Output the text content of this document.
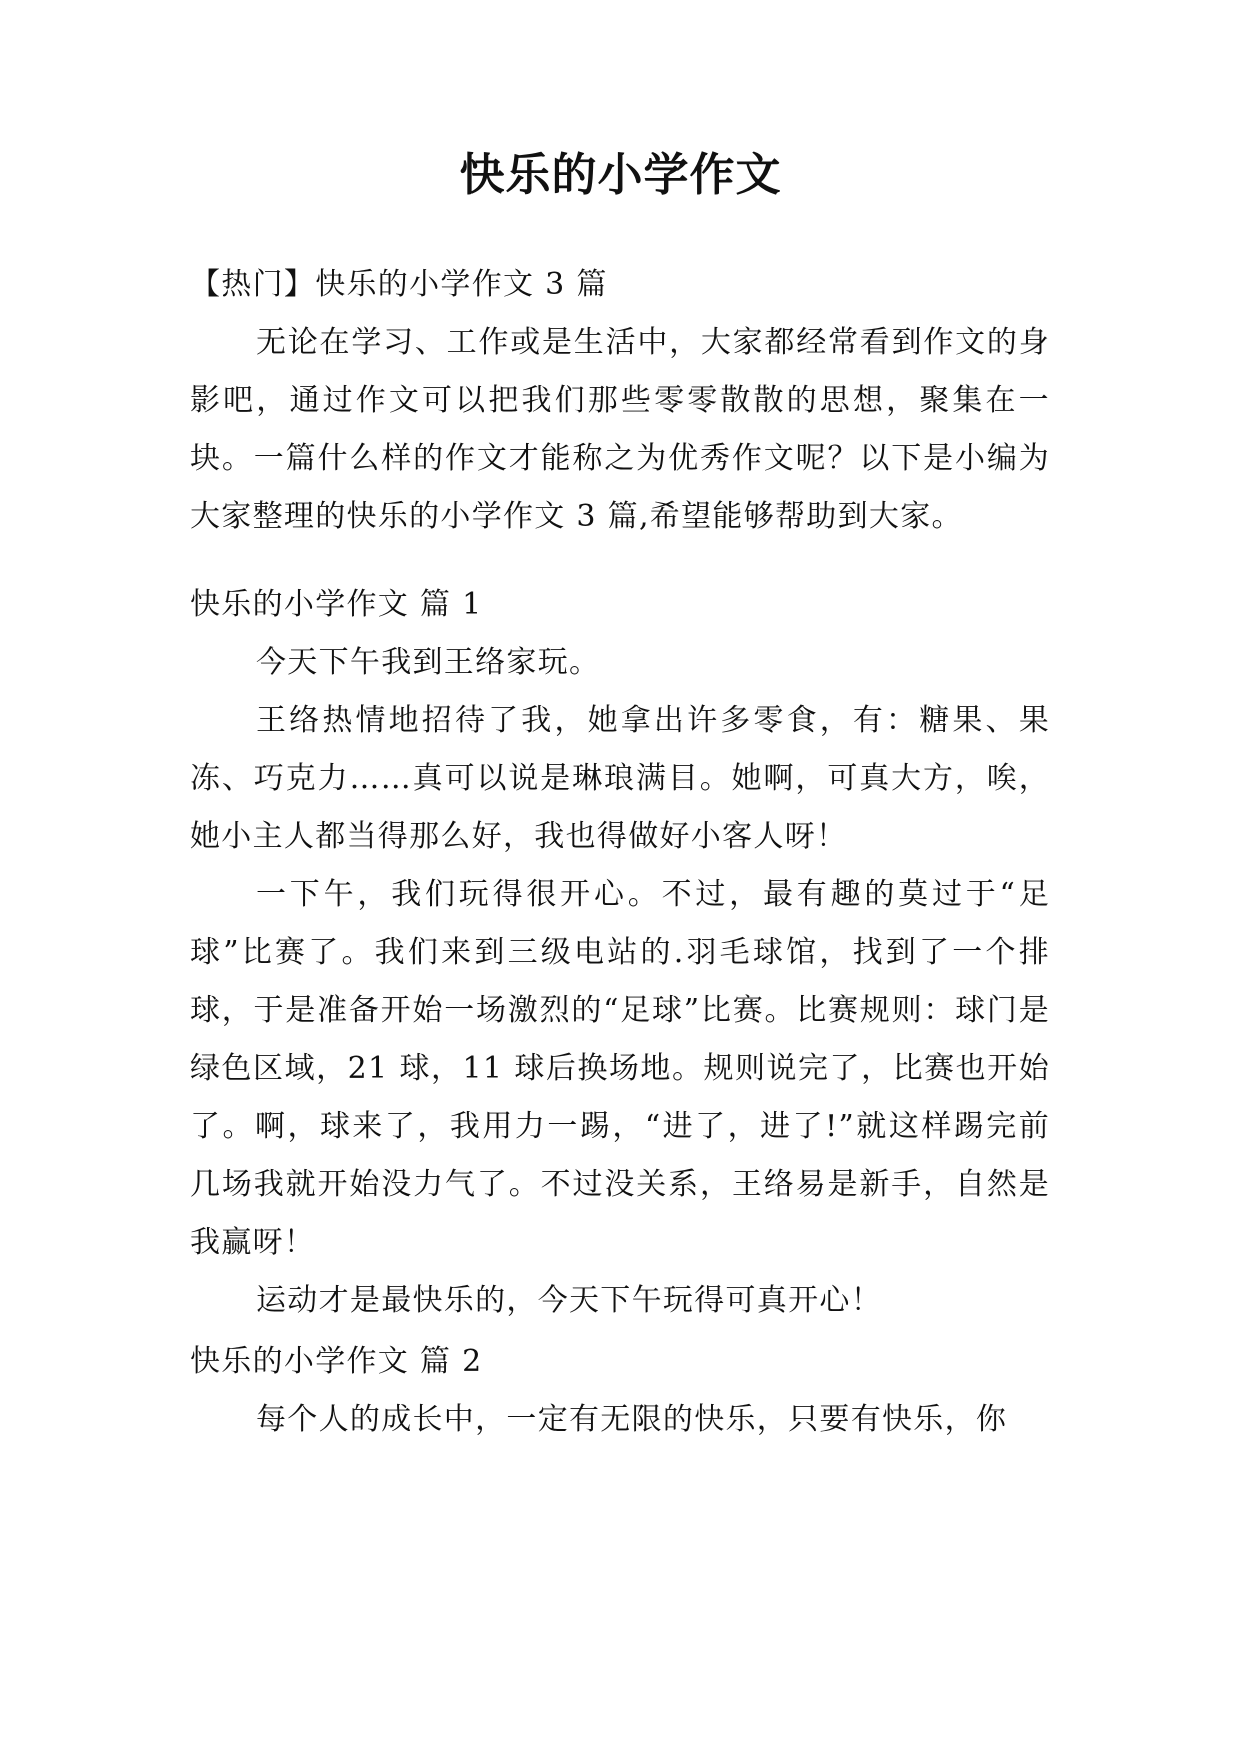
快乐的小学作文

【热门】快乐的小学作文 3 篇

无论在学习、工作或是生活中，大家都经常看到作文的身影吧，通过作文可以把我们那些零零散散的思想，聚集在一块。一篇什么样的作文才能称之为优秀作文呢？以下是小编为大家整理的快乐的小学作文 3 篇,希望能够帮助到大家。

快乐的小学作文 篇 1

今天下午我到王络家玩。

王络热情地招待了我，她拿出许多零食，有：糖果、果冻、巧克力……真可以说是琳琅满目。她啊，可真大方，唉，她小主人都当得那么好，我也得做好小客人呀！

一下午，我们玩得很开心。不过，最有趣的莫过于“足球”比赛了。我们来到三级电站的.羽毛球馆，找到了一个排球，于是准备开始一场激烈的“足球”比赛。比赛规则：球门是绿色区域，21 球，11 球后换场地。规则说完了，比赛也开始了。啊，球来了，我用力一踢，“进了，进了!”就这样踢完前几场我就开始没力气了。不过没关系，王络易是新手，自然是我赢呀！

运动才是最快乐的，今天下午玩得可真开心！

快乐的小学作文 篇 2

每个人的成长中，一定有无限的快乐，只要有快乐，你
